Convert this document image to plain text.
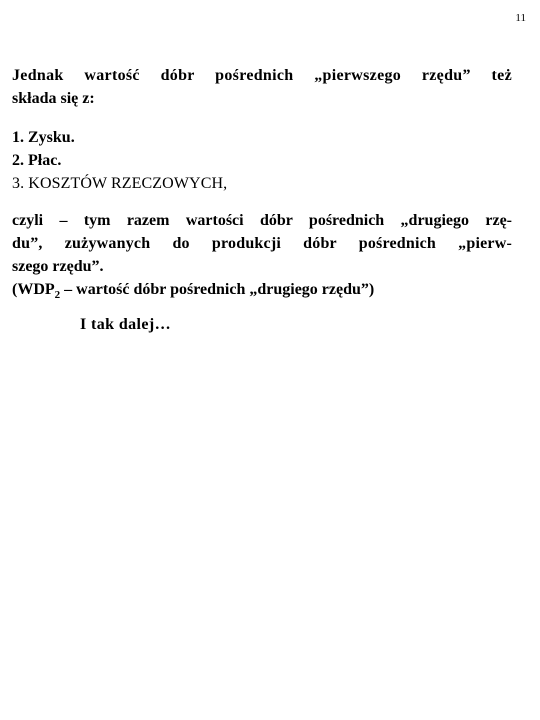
11

Jednak wartość dóbr pośrednich „pierwszego rzędu” też
składa się z:

1. Zysku.
2. Płac.
3. KOSZTÓW RZECZOWYCH,

czyli – tym razem wartości dóbr pośrednich „drugiego rzę-
du”, zużywanych do produkcji dóbr pośrednich „pierw-
szego rzędu”.
($WDP_2$ – wartość dóbr pośrednich „drugiego rzędu”)

I tak dalej…
